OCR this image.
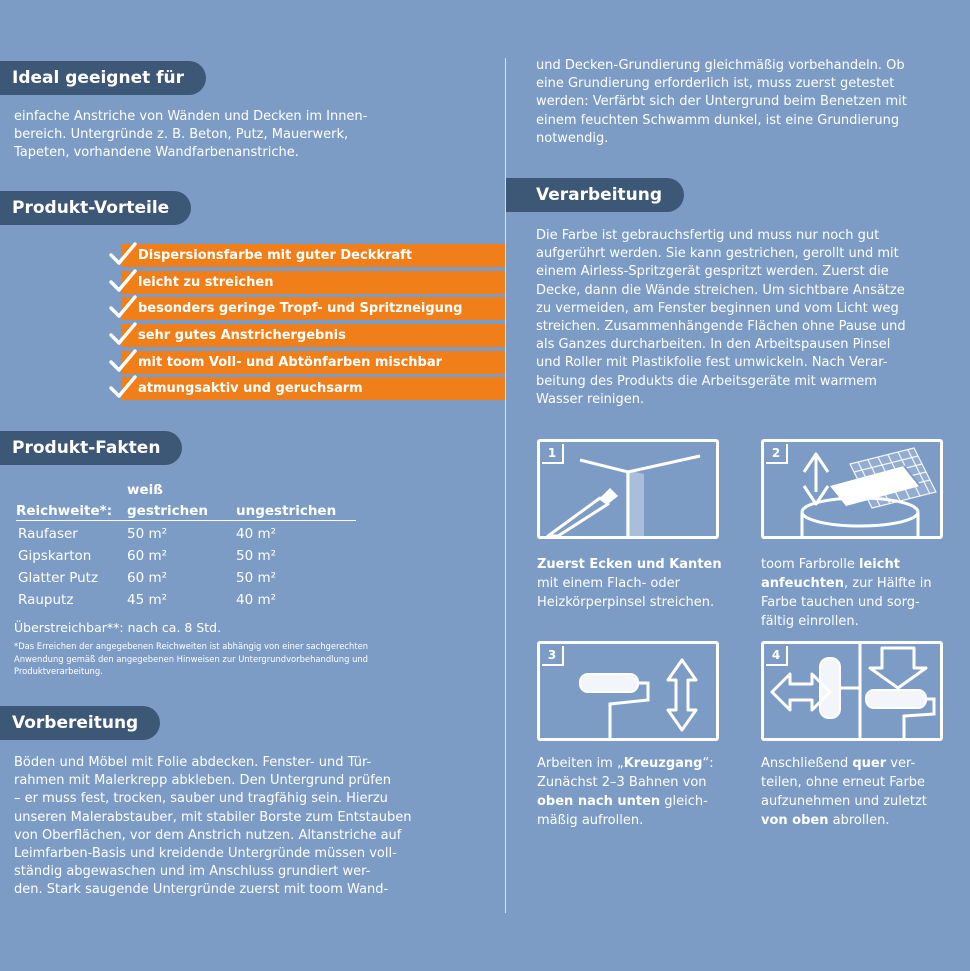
Ideal geeignet für

einfache Anstriche von Wänden und Decken im Innen-
bereich. Untergründe z. B. Beton, Putz, Mauerwerk,
Tapeten, vorhandene Wandfarbenanstriche.

Produkt-Vorteile
Dispersionsfarbe mit guter Deckkraft
leicht zu streichen
besonders geringe Tropf- und Spritzneigung
sehr gutes Anstrichergebnis
mit toom Voll- und Abtönfarben mischbar
atmungsaktiv und geruchsarm
Produkt-Fakten
weiß
Reichweite*: gestrichen ungestrichen
Raufaser	50 m²	40 m²
Gipskarton	60 m²	50 m²
Glatter Putz 60 m²	50 m²
Rauputz	45 m²	40 m²
Überstreichbar**: nach ca. 8 Std.
*Das Erreichen der angegebenen Reichweiten ist abhängig von einer sachgerechten
Anwendung gemäß den angegebenen Hinweisen zur Untergrundvorbehandlung und
Produktverarbeitung.
Vorbereitung

Böden und Möbel mit Folie abdecken. Fenster- und Tür-
rahmen mit Malerkrepp abkleben. Den Untergrund prüfen
– er muss fest, trocken, sauber und tragfähig sein. Hierzu
unseren Malerabstauber, mit stabiler Borste zum Entstauben
von Oberflächen, vor dem Anstrich nutzen. Altanstriche auf
Leimfarben-Basis und kreidende Untergründe müssen voll-
ständig abgewaschen und im Anschluss grundiert wer-
den. Stark saugende Untergründe zuerst mit toom Wand-

und Decken-Grundierung gleichmäßig vorbehandeln. Ob
eine Grundierung erforderlich ist, muss zuerst getestet
werden: Verfärbt sich der Untergrund beim Benetzen mit
einem feuchten Schwamm dunkel, ist eine Grundierung
notwendig.

Verarbeitung

Die Farbe ist gebrauchsfertig und muss nur noch gut
aufgerührt werden. Sie kann gestrichen, gerollt und mit
einem Airless-Spritzgerät gespritzt werden. Zuerst die
Decke, dann die Wände streichen. Um sichtbare Ansätze
zu vermeiden, am Fenster beginnen und vom Licht weg
streichen. Zusammenhängende Flächen ohne Pause und
als Ganzes durcharbeiten. In den Arbeitspausen Pinsel
und Roller mit Plastikfolie fest umwickeln. Nach Verar-
beitung des Produkts die Arbeitsgeräte mit warmem
Wasser reinigen.

1	2
3	4
Zuerst Ecken und Kanten
mit einem Flach- oder
Heizkörperpinsel streichen.
toom Farbrolle leicht
anfeuchten, zur Hälfte in
Farbe tauchen und sorg-
fältig einrollen.
Arbeiten im „Kreuzgang“:
Zunächst 2–3 Bahnen von
oben nach unten gleich-
mäßig aufrollen.
Anschließend quer ver-
teilen, ohne erneut Farbe
aufzunehmen und zuletzt
von oben abrollen.
